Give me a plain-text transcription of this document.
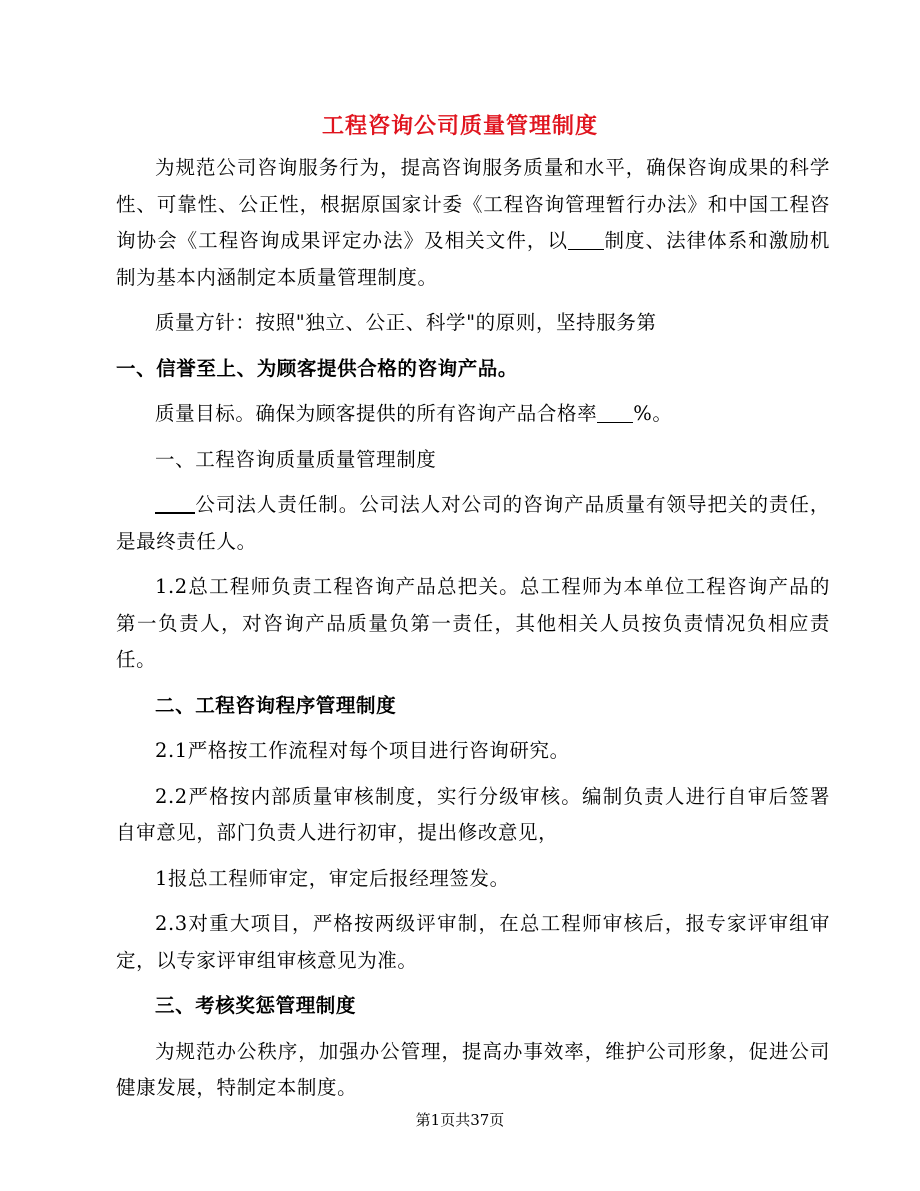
工程咨询公司质量管理制度

为规范公司咨询服务行为，提高咨询服务质量和水平，确保咨询成果的科学性、可靠性、公正性，根据原国家计委《工程咨询管理暂行办法》和中国工程咨询协会《工程咨询成果评定办法》及相关文件，以 制度、法律体系和激励机制为基本内涵制定本质量管理制度。

质量方针：按照"独立、公正、科学"的原则，坚持服务第

一、信誉至上、为顾客提供合格的咨询产品。

质量目标。确保为顾客提供的所有咨询产品合格率 %。

一、工程咨询质量质量管理制度

公司法人责任制。公司法人对公司的咨询产品质量有领导把关的责任，是最终责任人。

1.2总工程师负责工程咨询产品总把关。总工程师为本单位工程咨询产品的第一负责人，对咨询产品质量负第一责任，其他相关人员按负责情况负相应责任。

二、工程咨询程序管理制度

2.1严格按工作流程对每个项目进行咨询研究。

2.2严格按内部质量审核制度，实行分级审核。编制负责人进行自审后签署自审意见，部门负责人进行初审，提出修改意见，

1报总工程师审定，审定后报经理签发。

2.3对重大项目，严格按两级评审制，在总工程师审核后，报专家评审组审定，以专家评审组审核意见为准。

三、考核奖惩管理制度

为规范办公秩序，加强办公管理，提高办事效率，维护公司形象，促进公司健康发展，特制定本制度。

第1页共37页
